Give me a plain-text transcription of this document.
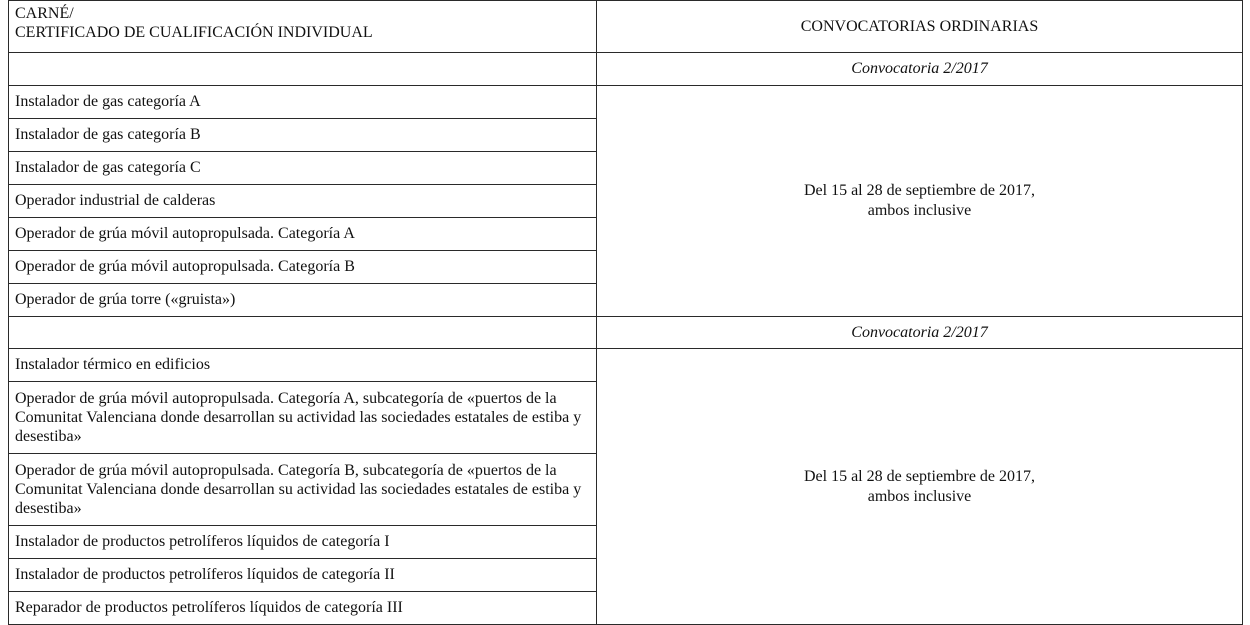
CARNÉ/
CERTIFICADO DE CUALIFICACIÓN INDIVIDUAL	CONVOCATORIAS ORDINARIAS
	Convocatoria 2/2017
Instalador de gas categoría A	Del 15 al 28 de septiembre de 2017,
ambos inclusive

Instalador de gas categoría B	
Instalador de gas categoría C	
Operador industrial de calderas	
Operador de grúa móvil autopropulsada. Categoría A	
Operador de grúa móvil autopropulsada. Categoría B	
Operador de grúa torre («gruista»)	
	Convocatoria 2/2017
Instalador térmico en edificios	Del 15 al 28 de septiembre de 2017,
ambos inclusive

Operador de grúa móvil autopropulsada. Categoría A, subcategoría de «puertos de la Comunitat Valenciana donde desarrollan su actividad las sociedades estatales de estiba y desestiba»	
Operador de grúa móvil autopropulsada. Categoría B, subcategoría de «puertos de la Comunitat Valenciana donde desarrollan su actividad las sociedades estatales de estiba y desestiba»	
Instalador de productos petrolíferos líquidos de categoría I	
Instalador de productos petrolíferos líquidos de categoría II	
Reparador de productos petrolíferos líquidos de categoría III	
